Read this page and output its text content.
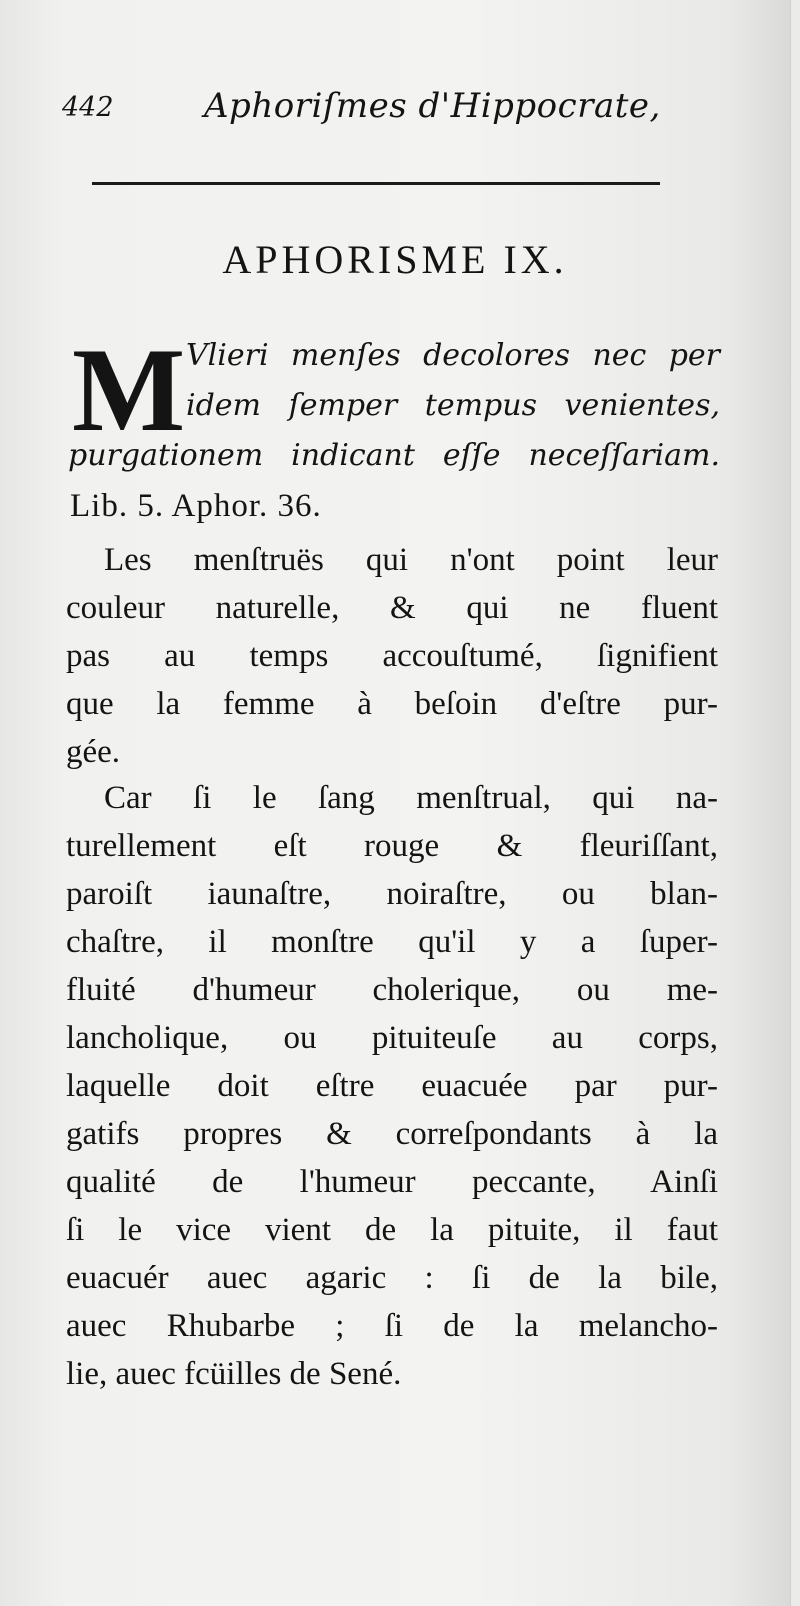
442	Aphoriſmes d'Hippocrate,
APHORISME IX.
M Vlieri menſes decolores nec per
idem ſemper tempus venientes,
purgationem indicant eſſe neceſſariam.
Lib. 5. Aphor. 36.
Les menſtruës qui n'ont point leur
couleur naturelle, & qui ne fluent
pas au temps accouſtumé, ſignifient
que la femme à beſoin d'eſtre pur-
gée.
Car ſi le ſang menſtrual, qui na-
turellement eſt rouge & fleuriſſant,
paroiſt iaunaſtre, noiraſtre, ou blan-
chaſtre, il monſtre qu'il y a ſuper-
fluité d'humeur cholerique, ou me-
lancholique, ou pituiteuſe au corps,
laquelle doit eſtre euacuée par pur-
gatifs propres & correſpondants à la
qualité de l'humeur peccante, Ainſi
ſi le vice vient de la pituite, il faut
euacuér auec agaric : ſi de la bile,
auec Rhubarbe ; ſi de la melancho-
lie, auec fcüilles de Sené.
